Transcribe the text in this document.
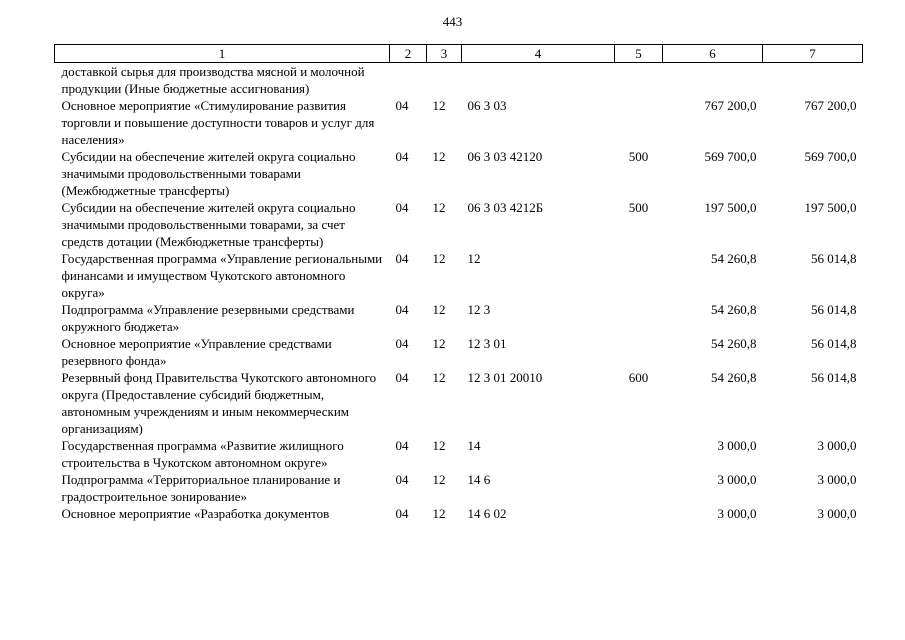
443
1	2	3	4	5	6	7
доставкой сырья для производства мясной и молочной продукции (Иные бюджетные ассигнования)						
Основное мероприятие «Стимулирование развития торговли и повышение доступности товаров и услуг для населения»	04	12	06 3 03		767 200,0	767 200,0
Субсидии на обеспечение жителей округа социально значимыми продовольственными товарами (Межбюджетные трансферты)	04	12	06 3 03 42120	500	569 700,0	569 700,0
Субсидии на обеспечение жителей округа социально значимыми продовольственными товарами, за счет средств дотации (Межбюджетные трансферты)	04	12	06 3 03 4212Б	500	197 500,0	197 500,0
Государственная программа «Управление региональными финансами и имуществом Чукотского автономного округа»	04	12	12		54 260,8	56 014,8
Подпрограмма «Управление резервными средствами окружного бюджета»	04	12	12 3		54 260,8	56 014,8
Основное мероприятие «Управление средствами резервного фонда»	04	12	12 3 01		54 260,8	56 014,8
Резервный фонд Правительства Чукотского автономного округа (Предоставление субсидий бюджетным, автономным учреждениям и иным некоммерческим организациям)	04	12	12 3 01 20010	600	54 260,8	56 014,8
Государственная программа «Развитие жилищного строительства в Чукотском автономном округе»	04	12	14		3 000,0	3 000,0
Подпрограмма «Территориальное планирование и градостроительное зонирование»	04	12	14 6		3 000,0	3 000,0
Основное мероприятие «Разработка документов	04	12	14 6 02		3 000,0	3 000,0
